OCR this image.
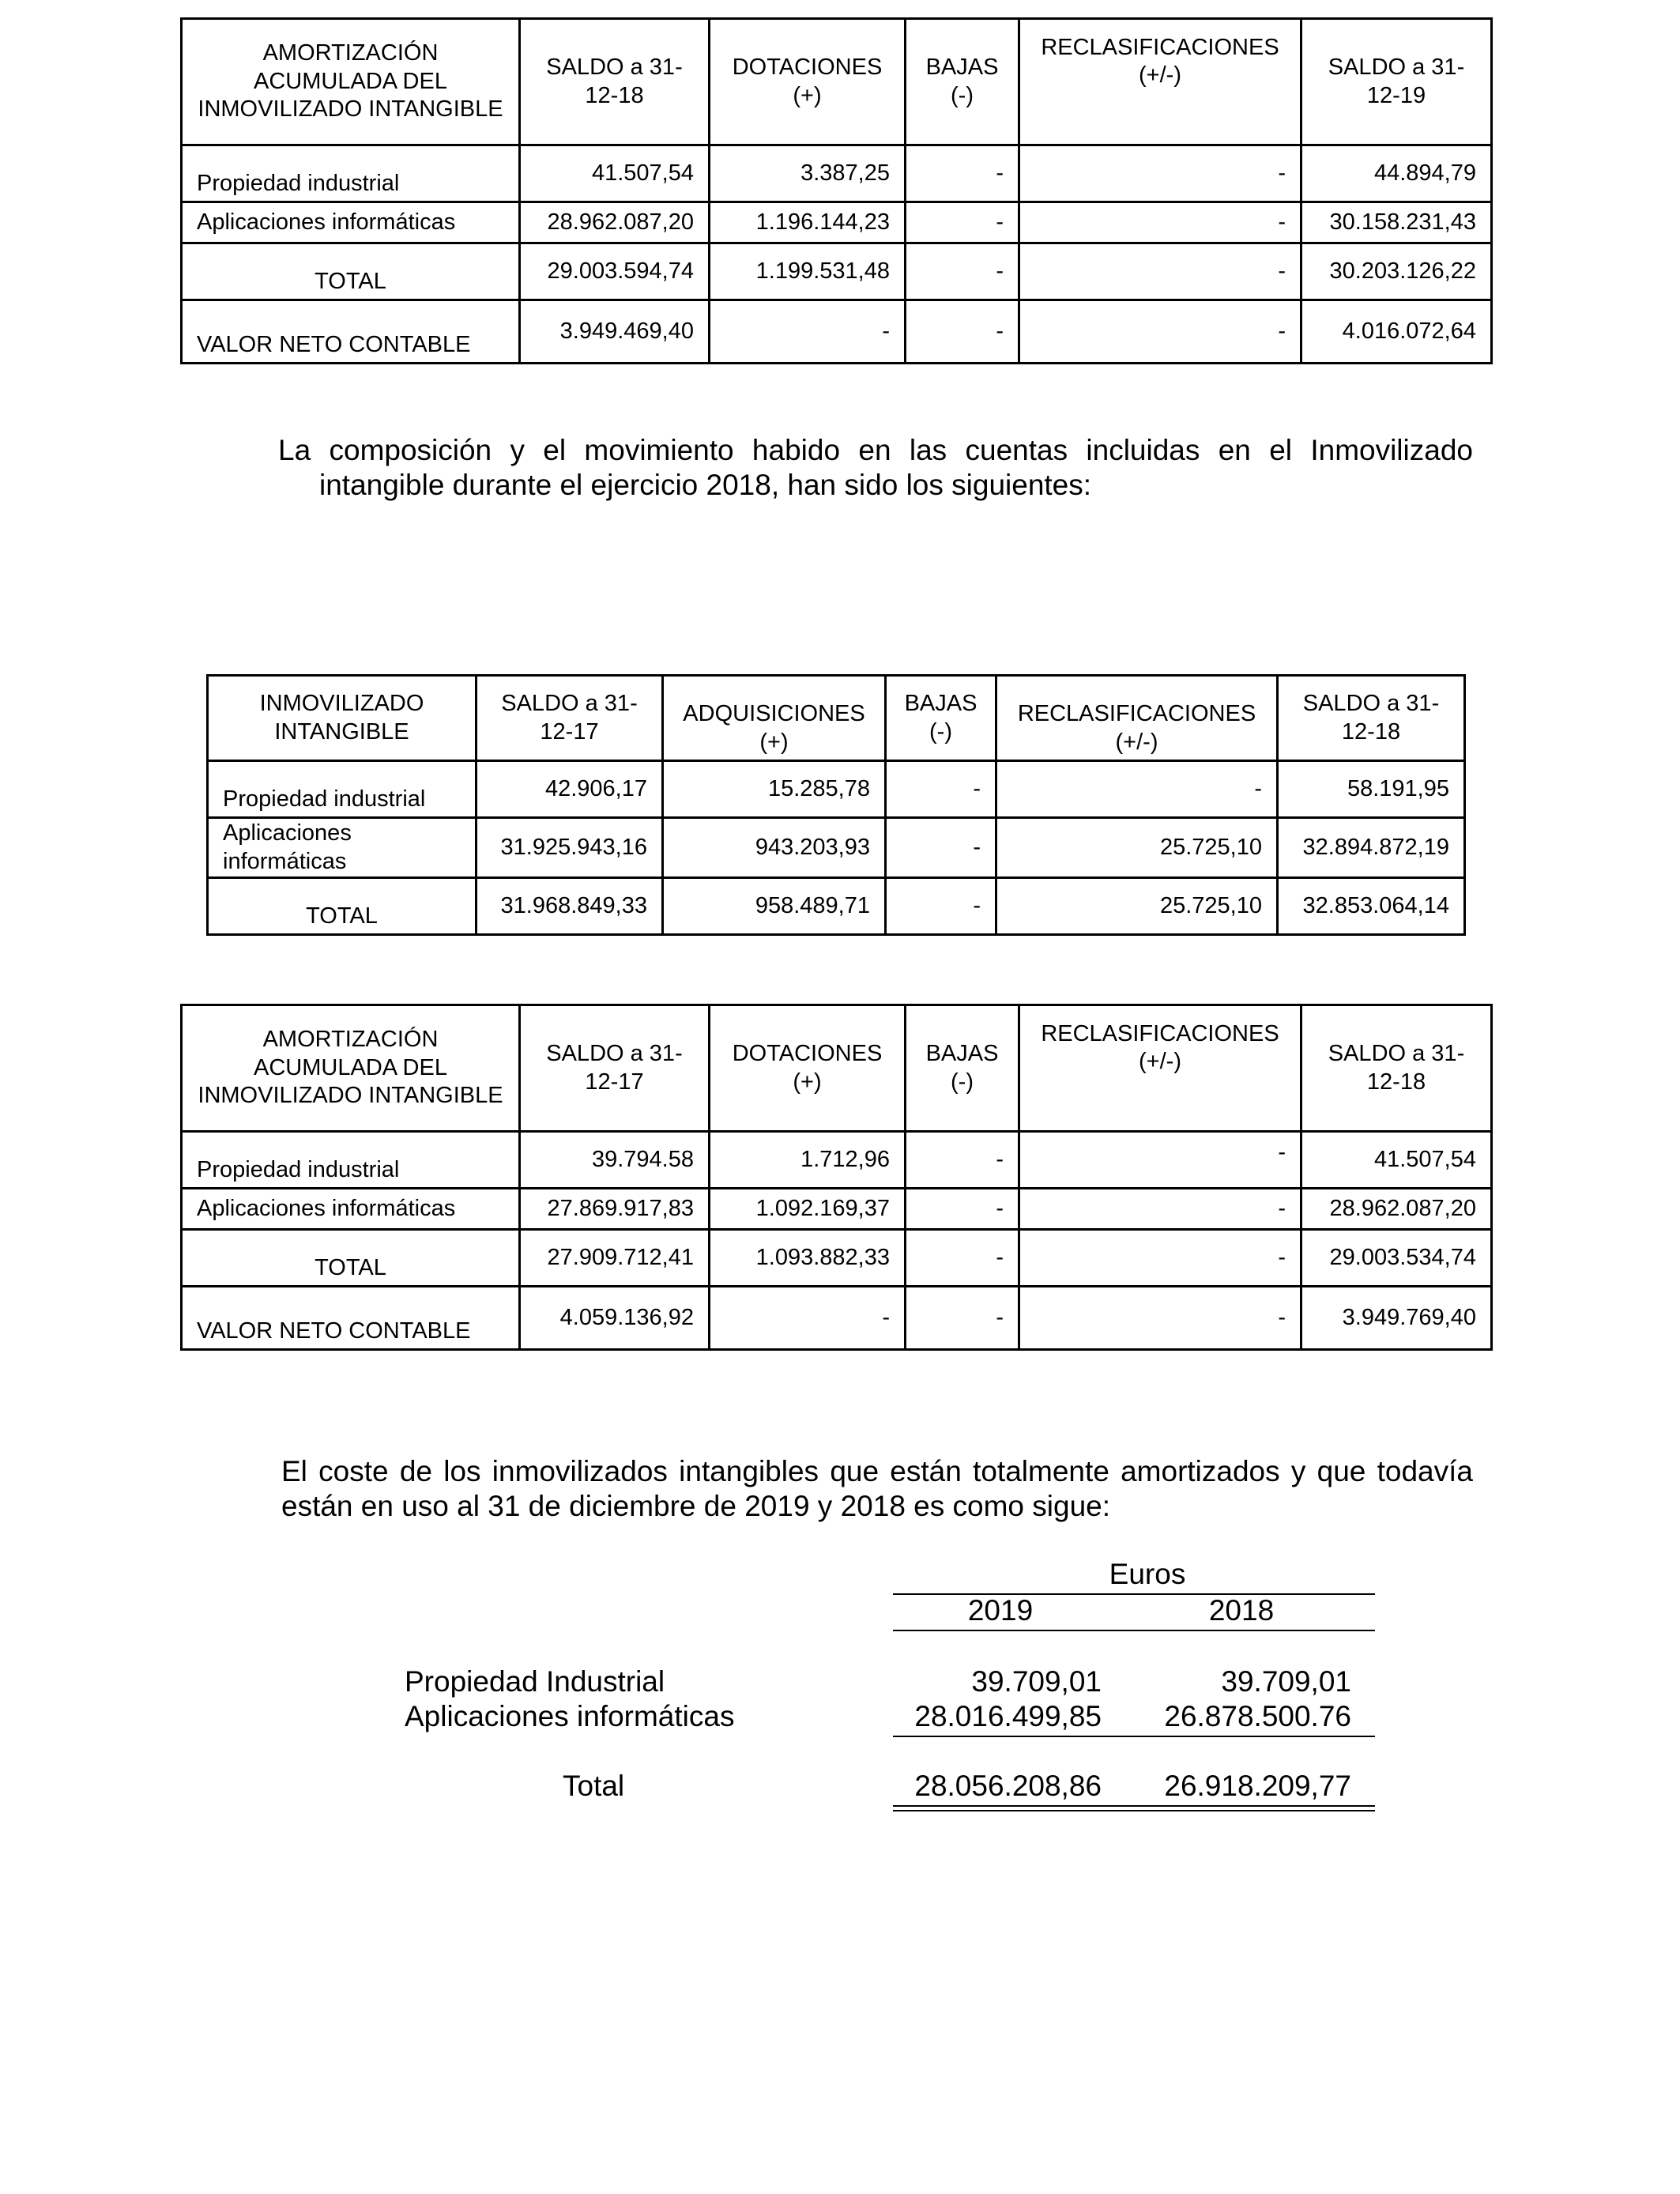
AMORTIZACIÓN ACUMULADA DEL INMOVILIZADO INTANGIBLE	SALDO a 31-12-18	DOTACIONES (+)	BAJAS (-)	RECLASIFICACIONES (+/-)	SALDO a 31-12-19
Propiedad industrial	41.507,54	3.387,25	-	-	44.894,79
Aplicaciones informáticas	28.962.087,20	1.196.144,23	-	-	30.158.231,43
TOTAL	29.003.594,74	1.199.531,48	-	-	30.203.126,22
VALOR NETO CONTABLE	3.949.469,40	-	-	-	4.016.072,64

La composición y el movimiento habido en las cuentas incluidas en el Inmovilizado intangible durante el ejercicio 2018, han sido los siguientes:

INMOVILIZADO INTANGIBLE	SALDO a 31-12-17	ADQUISICIONES (+)	BAJAS (-)	RECLASIFICACIONES (+/-)	SALDO a 31-12-18
Propiedad industrial	42.906,17	15.285,78	-	-	58.191,95
Aplicaciones informáticas	31.925.943,16	943.203,93	-	25.725,10	32.894.872,19
TOTAL	31.968.849,33	958.489,71	-	25.725,10	32.853.064,14
AMORTIZACIÓN ACUMULADA DEL INMOVILIZADO INTANGIBLE	SALDO a 31-12-17	DOTACIONES (+)	BAJAS (-)	RECLASIFICACIONES (+/-)	SALDO a 31-12-18
Propiedad industrial	39.794.58	1.712,96	-	-	41.507,54
Aplicaciones informáticas	27.869.917,83	1.092.169,37	-	-	28.962.087,20
TOTAL	27.909.712,41	1.093.882,33	-	-	29.003.534,74
VALOR NETO CONTABLE	4.059.136,92	-	-	-	3.949.769,40

El coste de los inmovilizados intangibles que están totalmente amortizados y que todavía están en uso al 31 de diciembre de 2019 y 2018 es como sigue:

Euros
2019	2018
Propiedad Industrial	39.709,01	39.709,01
Aplicaciones informáticas	28.016.499,85	26.878.500.76
Total	28.056.208,86	26.918.209,77
